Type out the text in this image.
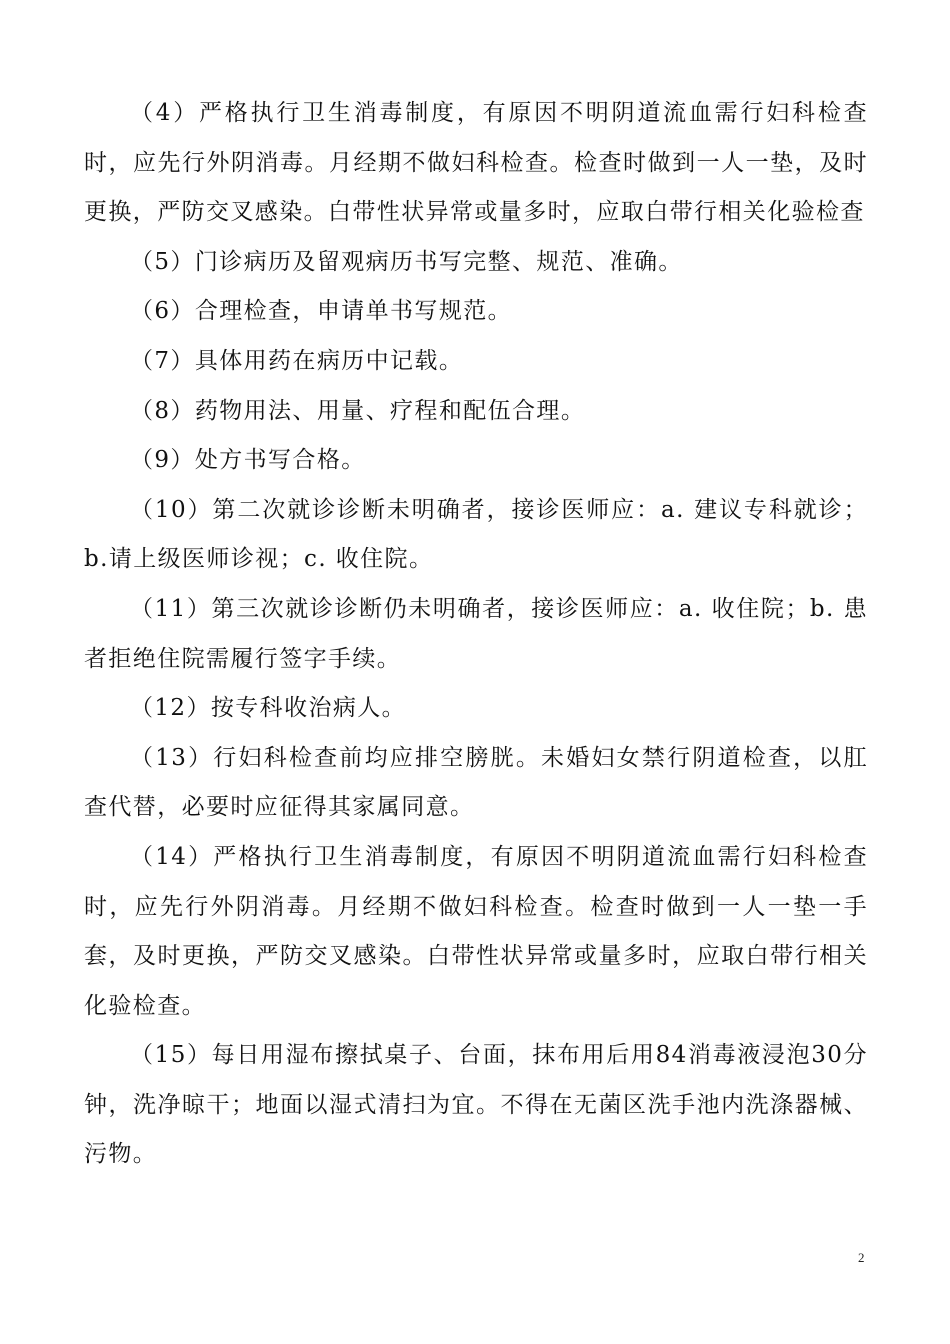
（4）严格执行卫生消毒制度，有原因不明阴道流血需行妇科检查时，应先行外阴消毒。月经期不做妇科检查。检查时做到一人一垫，及时更换，严防交叉感染。白带性状异常或量多时，应取白带行相关化验检查

（5）门诊病历及留观病历书写完整、规范、准确。

（6）合理检查，申请单书写规范。

（7）具体用药在病历中记载。

（8）药物用法、用量、疗程和配伍合理。

（9）处方书写合格。

（10）第二次就诊诊断未明确者，接诊医师应：a. 建议专科就诊；b.请上级医师诊视；c. 收住院。

（11）第三次就诊诊断仍未明确者，接诊医师应：a. 收住院；b. 患者拒绝住院需履行签字手续。

（12）按专科收治病人。

（13）行妇科检查前均应排空膀胱。未婚妇女禁行阴道检查，以肛查代替，必要时应征得其家属同意。

（14）严格执行卫生消毒制度，有原因不明阴道流血需行妇科检查时，应先行外阴消毒。月经期不做妇科检查。检查时做到一人一垫一手套，及时更换，严防交叉感染。白带性状异常或量多时，应取白带行相关化验检查。

（15）每日用湿布擦拭桌子、台面，抹布用后用84消毒液浸泡30分钟，洗净晾干；地面以湿式清扫为宜。不得在无菌区洗手池内洗涤器械、污物。

2
